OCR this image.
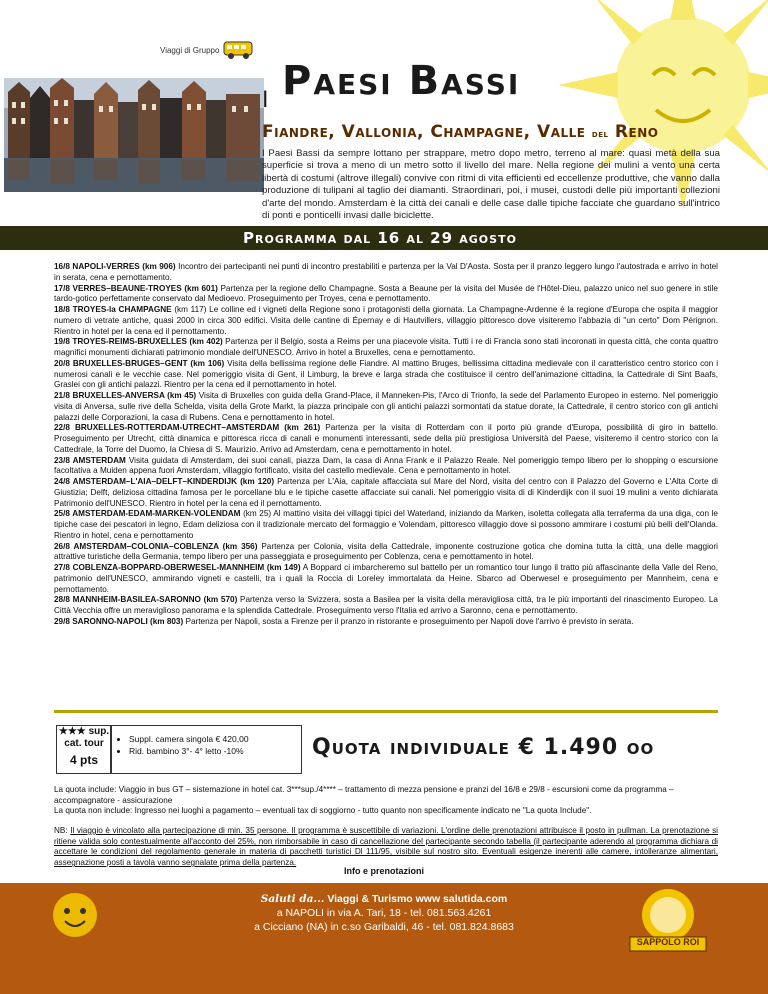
Viaggi di Gruppo
I Paesi Bassi
Fiandre, Vallonia, Champagne, Valle del Reno
I Paesi Bassi da sempre lottano per strappare, metro dopo metro, terreno al mare: quasi metà della sua superficie si trova a meno di un metro sotto il livello del mare. Nella regione dei mulini a vento una certa libertà di costumi (altrove illegali) convive con ritmi di vita efficienti ed eccellenze produttive, che vanno dalla produzione di tulipani al taglio dei diamanti. Straordinari, poi, i musei, custodi delle più importanti collezioni d'arte del mondo. Amsterdam è la città dei canali e delle case dalle tipiche facciate che guardano sull'intrico di ponti e ponticelli invasi dalle biciclette.
Programma dal 16 al 29 agosto

16/8 NAPOLI-VERRES (km 906) Incontro dei partecipanti nei punti di incontro prestabiliti e partenza per la Val D'Aosta. Sosta per il pranzo leggero lungo l'autostrada e arrivo in hotel in serata, cena e pernottamento.

17/8 VERRES–BEAUNE-TROYES (km 601) Partenza per la regione dello Champagne. Sosta a Beaune per la visita del Musée de l'Hôtel-Dieu, palazzo unico nel suo genere in stile tardo-gotico perfettamente conservato dal Medioevo. Proseguimento per Troyes, cena e pernottamento.

18/8 TROYES-la CHAMPAGNE (km 117) Le colline ed i vigneti della Regione sono i protagonisti della giornata. La Champagne-Ardenne è la regione d'Europa che ospita il maggior numero di vetrate antiche, quasi 2000 in circa 300 edifici. Visita delle cantine di Épernay e di Hautvillers, villaggio pittoresco dove visiteremo l'abbazia di "un certo" Dom Pérignon. Rientro in hotel per la cena ed il pernottamento.

19/8 TROYES-REIMS-BRUXELLES (km 402) Partenza per il Belgio, sosta a Reims per una piacevole visita. Tutti i re di Francia sono stati incoronati in questa città, che conta quattro magnifici monumenti dichiarati patrimonio mondiale dell'UNESCO. Arrivo in hotel a Bruxelles, cena e pernottamento.

20/8 BRUXELLES-BRUGES–GENT (km 106) Visita della bellissima regione delle Fiandre. Al mattino Bruges, bellissima cittadina medievale con il caratteristico centro storico con i numerosi canali e le vecchie case. Nel pomeriggio visita di Gent, il Limburg, la breve e larga strada che costituisce il centro dell'animazione cittadina, la Cattedrale di Sint Baafs, Graslei con gli antichi palazzi. Rientro per la cena ed il pernottamento in hotel.

21/8 BRUXELLES-ANVERSA (km 45) Visita di Bruxelles con guida della Grand-Place, il Manneken-Pis, l'Arco di Trionfo, la sede del Parlamento Europeo in esterno. Nel pomeriggio visita di Anversa, sulle rive della Schelda, visita della Grote Markt, la piazza principale con gli antichi palazzi sormontati da statue dorate, la Cattedrale, il centro storico con gli antichi palazzi delle Corporazioni, la casa di Rubens. Cena e pernottamento in hotel.

22/8 BRUXELLES-ROTTERDAM-UTRECHT–AMSTERDAM (km 261) Partenza per la visita di Rotterdam con il porto più grande d'Europa, possibilità di giro in battello. Proseguimento per Utrecht, città dinamica e pittoresca ricca di canali e monumenti interessanti, sede della più prestigiosa Università del Paese, visiteremo il centro storico con la Cattedrale, la Torre del Duomo, la Chiesa di S. Maurizio. Arrivo ad Amsterdam, cena e pernottamento in hotel.

23/8 AMSTERDAM Visita guidata di Amsterdam, dei suoi canali, piazza Dam, la casa di Anna Frank e il Palazzo Reale. Nel pomeriggio tempo libero per lo shopping o escursione facoltativa a Muiden appena fuori Amsterdam, villaggio fortificato, visita del castello medievale. Cena e pernottamento in hotel.

24/8 AMSTERDAM–L'AIA–DELFT–KINDERDIJK (km 120) Partenza per L'Aia, capitale affacciata sul Mare del Nord, visita del centro con il Palazzo del Governo e L'Alta Corte di Giustizia; Delft, deliziosa cittadina famosa per le porcellane blu e le tipiche casette affacciate sui canali. Nel pomeriggio visita di di Kinderdijk con il suoi 19 mulini a vento dichiarata Patrimonio dell'UNESCO. Rientro in hotel per la cena ed il pernottamento.

25/8 AMSTERDAM-EDAM-MARKEN-VOLENDAM (km 25) Al mattino visita dei villaggi tipici del Waterland, iniziando da Marken, isoletta collegata alla terraferma da una diga, con le tipiche case dei pescatori in legno, Edam deliziosa con il tradizionale mercato del formaggio e Volendam, pittoresco villaggio dove si possono ammirare i costumi più belli dell'Olanda. Rientro in hotel, cena e pernottamento

26/8 AMSTERDAM–COLONIA–COBLENZA (km 356) Partenza per Colonia, visita della Cattedrale, imponente costruzione gotica che domina tutta la città, una delle maggiori attrattive turistiche della Germania, tempo libero per una passeggiata e proseguimento per Coblenza, cena e pernottamento in hotel.

27/8 COBLENZA-BOPPARD-OBERWESEL-MANNHEIM (km 149) A Boppard ci imbarcheremo sul battello per un romantico tour lungo il tratto più affascinante della Valle del Reno, patrimonio dell'UNESCO, ammirando vigneti e castelli, tra i quali la Roccia di Loreley immortalata da Heine. Sbarco ad Oberwesel e proseguimento per Mannheim, cena e pernottamento.

28/8 MANNHEIM-BASILEA-SARONNO (km 570) Partenza verso la Svizzera, sosta a Basilea per la visita della meravigliosa città, tra le più importanti del rinascimento Europeo. La Città Vecchia offre un meraviglioso panorama e la splendida Cattedrale. Proseguimento verso l'Italia ed arrivo a Saronno, cena e pernottamento.

29/8 SARONNO-NAPOLI (km 803) Partenza per Napoli, sosta a Firenze per il pranzo in ristorante e proseguimento per Napoli dove l'arrivo è previsto in serata.

★★★ sup.
cat. tour
4 pts
• Suppl. camera singola € 420,00
• Rid. bambino 3°- 4° letto -10%	Quota individuale € 1.490 oo
La quota include: Viaggio in bus GT – sistemazione in hotel cat. 3***sup./4**** – trattamento di mezza pensione e pranzi del 16/8 e 29/8 - escursioni come da programma – accompagnatore - assicurazione
La quota non include: Ingresso nei luoghi a pagamento – eventuali tax di soggiorno - tutto quanto non specificamente indicato ne "La quota Include".
NB: Il viaggio è vincolato alla partecipazione di min. 35 persone. Il programma è suscettibile di variazioni. L'ordine delle prenotazioni attribuisce il posto in pullman. La prenotazione si ritiene valida solo contestualmente all'acconto del 25%, non rimborsabile in caso di cancellazione del partecipante secondo tabella (il partecipante aderendo al programma dichiara di accettare le condizioni del regolamento generale in materia di pacchetti turistici Dl 111/95, visibile sul nostro sito. Eventuali esigenze inerenti alle camere, intolleranze alimentari, assegnazione posti a tavola vanno segnalate prima della partenza.
Info e prenotazioni
Saluti da... Viaggi & Turismo www salutida.com
a NAPOLI in via A. Tari, 18 - tel. 081.563.4261
a Cicciano (NA) in c.so Garibaldi, 46 - tel. 081.824.8683
SAPPOLO ROI
